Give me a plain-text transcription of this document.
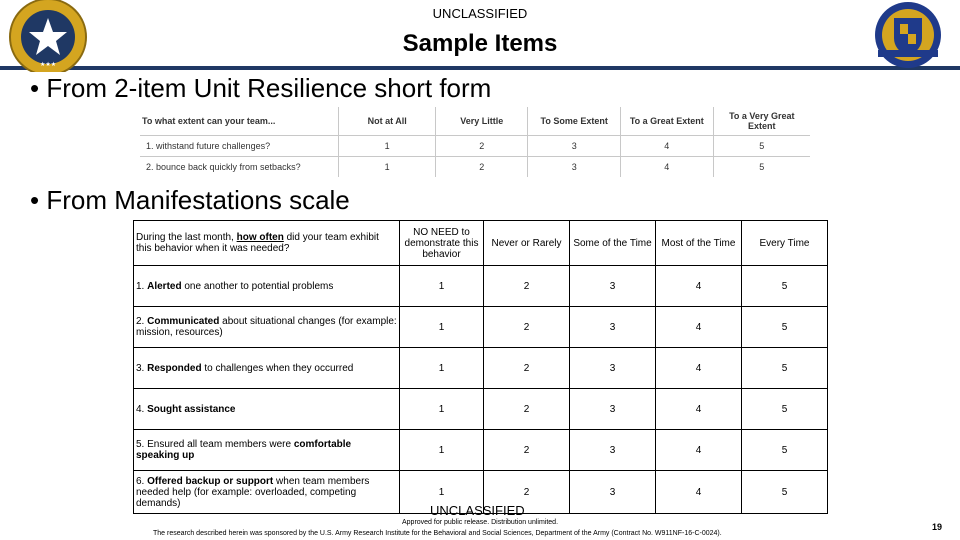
UNCLASSIFIED
Sample Items
★★★
• From 2-item Unit Resilience short form
To what extent can your team...	Not at All	Very Little	To Some Extent	To a Great Extent	To a Very Great Extent
1. withstand future challenges?	1	2	3	4	5
2. bounce back quickly from setbacks?	1	2	3	4	5
• From Manifestations scale
During the last month, how often did your team exhibit this behavior when it was needed?	NO NEED to demonstrate this behavior	Never or Rarely	Some of the Time	Most of the Time	Every Time
1. Alerted one another to potential problems	1	2	3	4	5
2. Communicated about situational changes (for example: mission, resources)	1	2	3	4	5
3. Responded to challenges when they occurred	1	2	3	4	5
4. Sought assistance	1	2	3	4	5
5. Ensured all team members were comfortable speaking up	1	2	3	4	5
6. Offered backup or support when team members needed help (for example: overloaded, competing demands)	1	2	3	4	5
UNCLASSIFIED
Approved for public release. Distribution unlimited.
The research described herein was sponsored by the U.S. Army Research Institute for the Behavioral and Social Sciences, Department of the Army (Contract No. W911NF-16-C-0024).
19
